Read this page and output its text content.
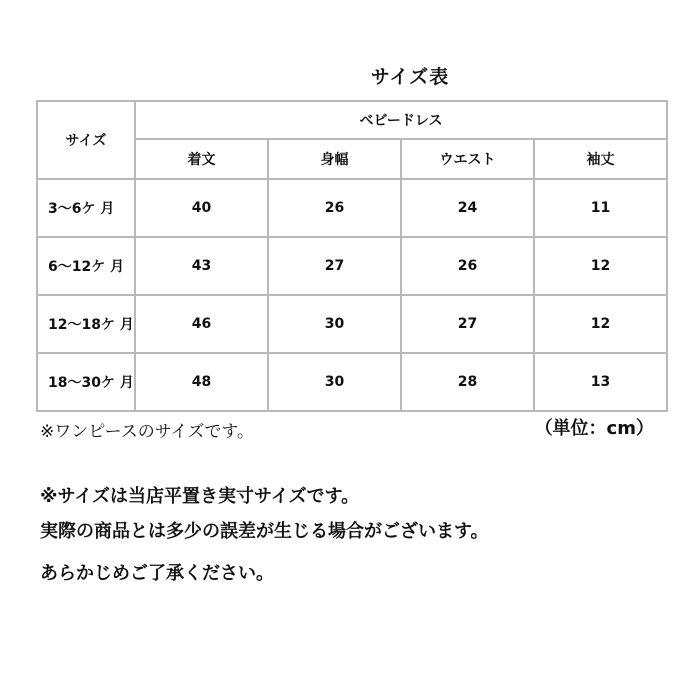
サイズ表
サイズ	ベビードレス			
	着文	身幅	ウエスト	袖丈
3～6ケ 月	40	26	24	11
6～12ケ 月	43	27	26	12
12～18ケ 月	46	30	27	12
18～30ケ 月	48	30	28	13
※ワンピースのサイズです。	（単位：cm）
※サイズは当店平置き実寸サイズです。
実際の商品とは多少の誤差が生じる場合がございます。
あらかじめご了承ください。
